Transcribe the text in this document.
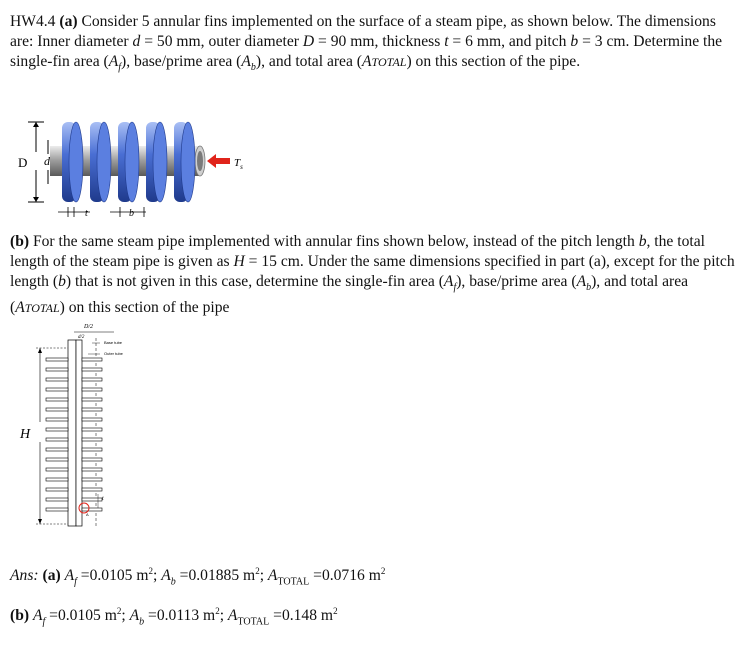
HW4.4 (a) Consider 5 annular fins implemented on the surface of a steam pipe, as shown below. The dimensions are: Inner diameter d = 50 mm, outer diameter D = 90 mm, thickness t = 6 mm, and pitch b = 3 cm. Determine the single-fin area $(A_f)$, base/prime area $(A_b)$, and total area (ATOTAL) on this section of the pipe.
D d	$T_s$
t	b
(b) For the same steam pipe implemented with annular fins shown below, instead of the pitch length b, the total length of the steam pipe is given as H = 15 cm. Under the same dimensions specified in part (a), except for the pitch length (b) that is not given in this case, determine the single-fin area $(A_f)$, base/prime area $(A_b)$, and total area (ATOTAL) on this section of the pipe
D/2
d/2
Base tube
Outer tube
H
t
A
Ans: (a) $A_f =0.0105$ $m^2$; $A_b =0.01885$ $m^2$; $A_{TOTAL} =0.0716$ $m^2$
(b) $A_f =0.0105$ $m^2$; $A_b =0.0113$ $m^2$; $A_{TOTAL} =0.148$ $m^2$
